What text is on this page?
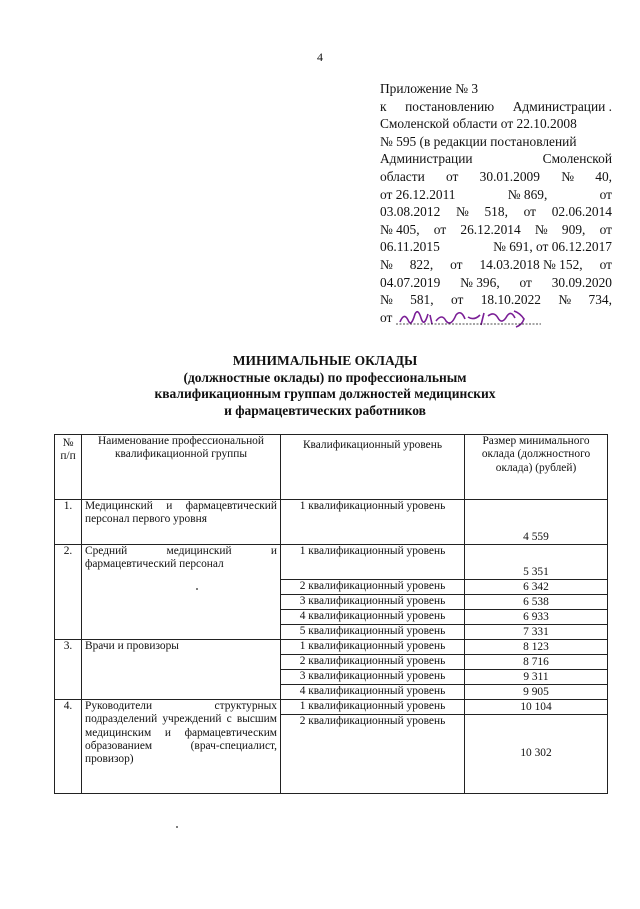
4
Приложение № 3
к постановлению Администрации .
Смоленской области от 22.10.2008
№ 595 (в редакции постановлений
Администрации	Смоленской
области от 30.01.2009 № 40,
от 26.12.2011	№ 869,	от
03.08.2012 № 518, от 02.06.2014
№ 405, от 26.12.2014 № 909, от
06.11.2015	№ 691, от 06.12.2017
№ 822, от 14.03.2018 № 152, от
04.07.2019 № 396, от 30.09.2020
№ 581, от 18.10.2022 № 734,
от
МИНИМАЛЬНЫЕ ОКЛАДЫ
(должностные оклады) по профессиональным
квалификационным группам должностей медицинских
и фармацевтических работников
№ п/п	Наименование профессиональной квалификационной группы	Квалификационный уровень	Размер минимального оклада (должностного оклада) (рублей)
1.	Медицинский и фармацевтический персонал первого уровня	1 квалификационный уровень	4 559
2.	Средний медицинский и фармацевтический персонал	1 квалификационный уровень	5 351
		2 квалификационный уровень	6 342
		3 квалификационный уровень	6 538
		4 квалификационный уровень	6 933
		5 квалификационный уровень	7 331
3.	Врачи и провизоры	1 квалификационный уровень	8 123
		2 квалификационный уровень	8 716
		3 квалификационный уровень	9 311
		4 квалификационный уровень	9 905
4.	Руководители структурных подразделений учреждений с высшим медицинским и фармацевтическим образованием (врач-специалист, провизор)	1 квалификационный уровень	10 104
		2 квалификационный уровень	10 302
